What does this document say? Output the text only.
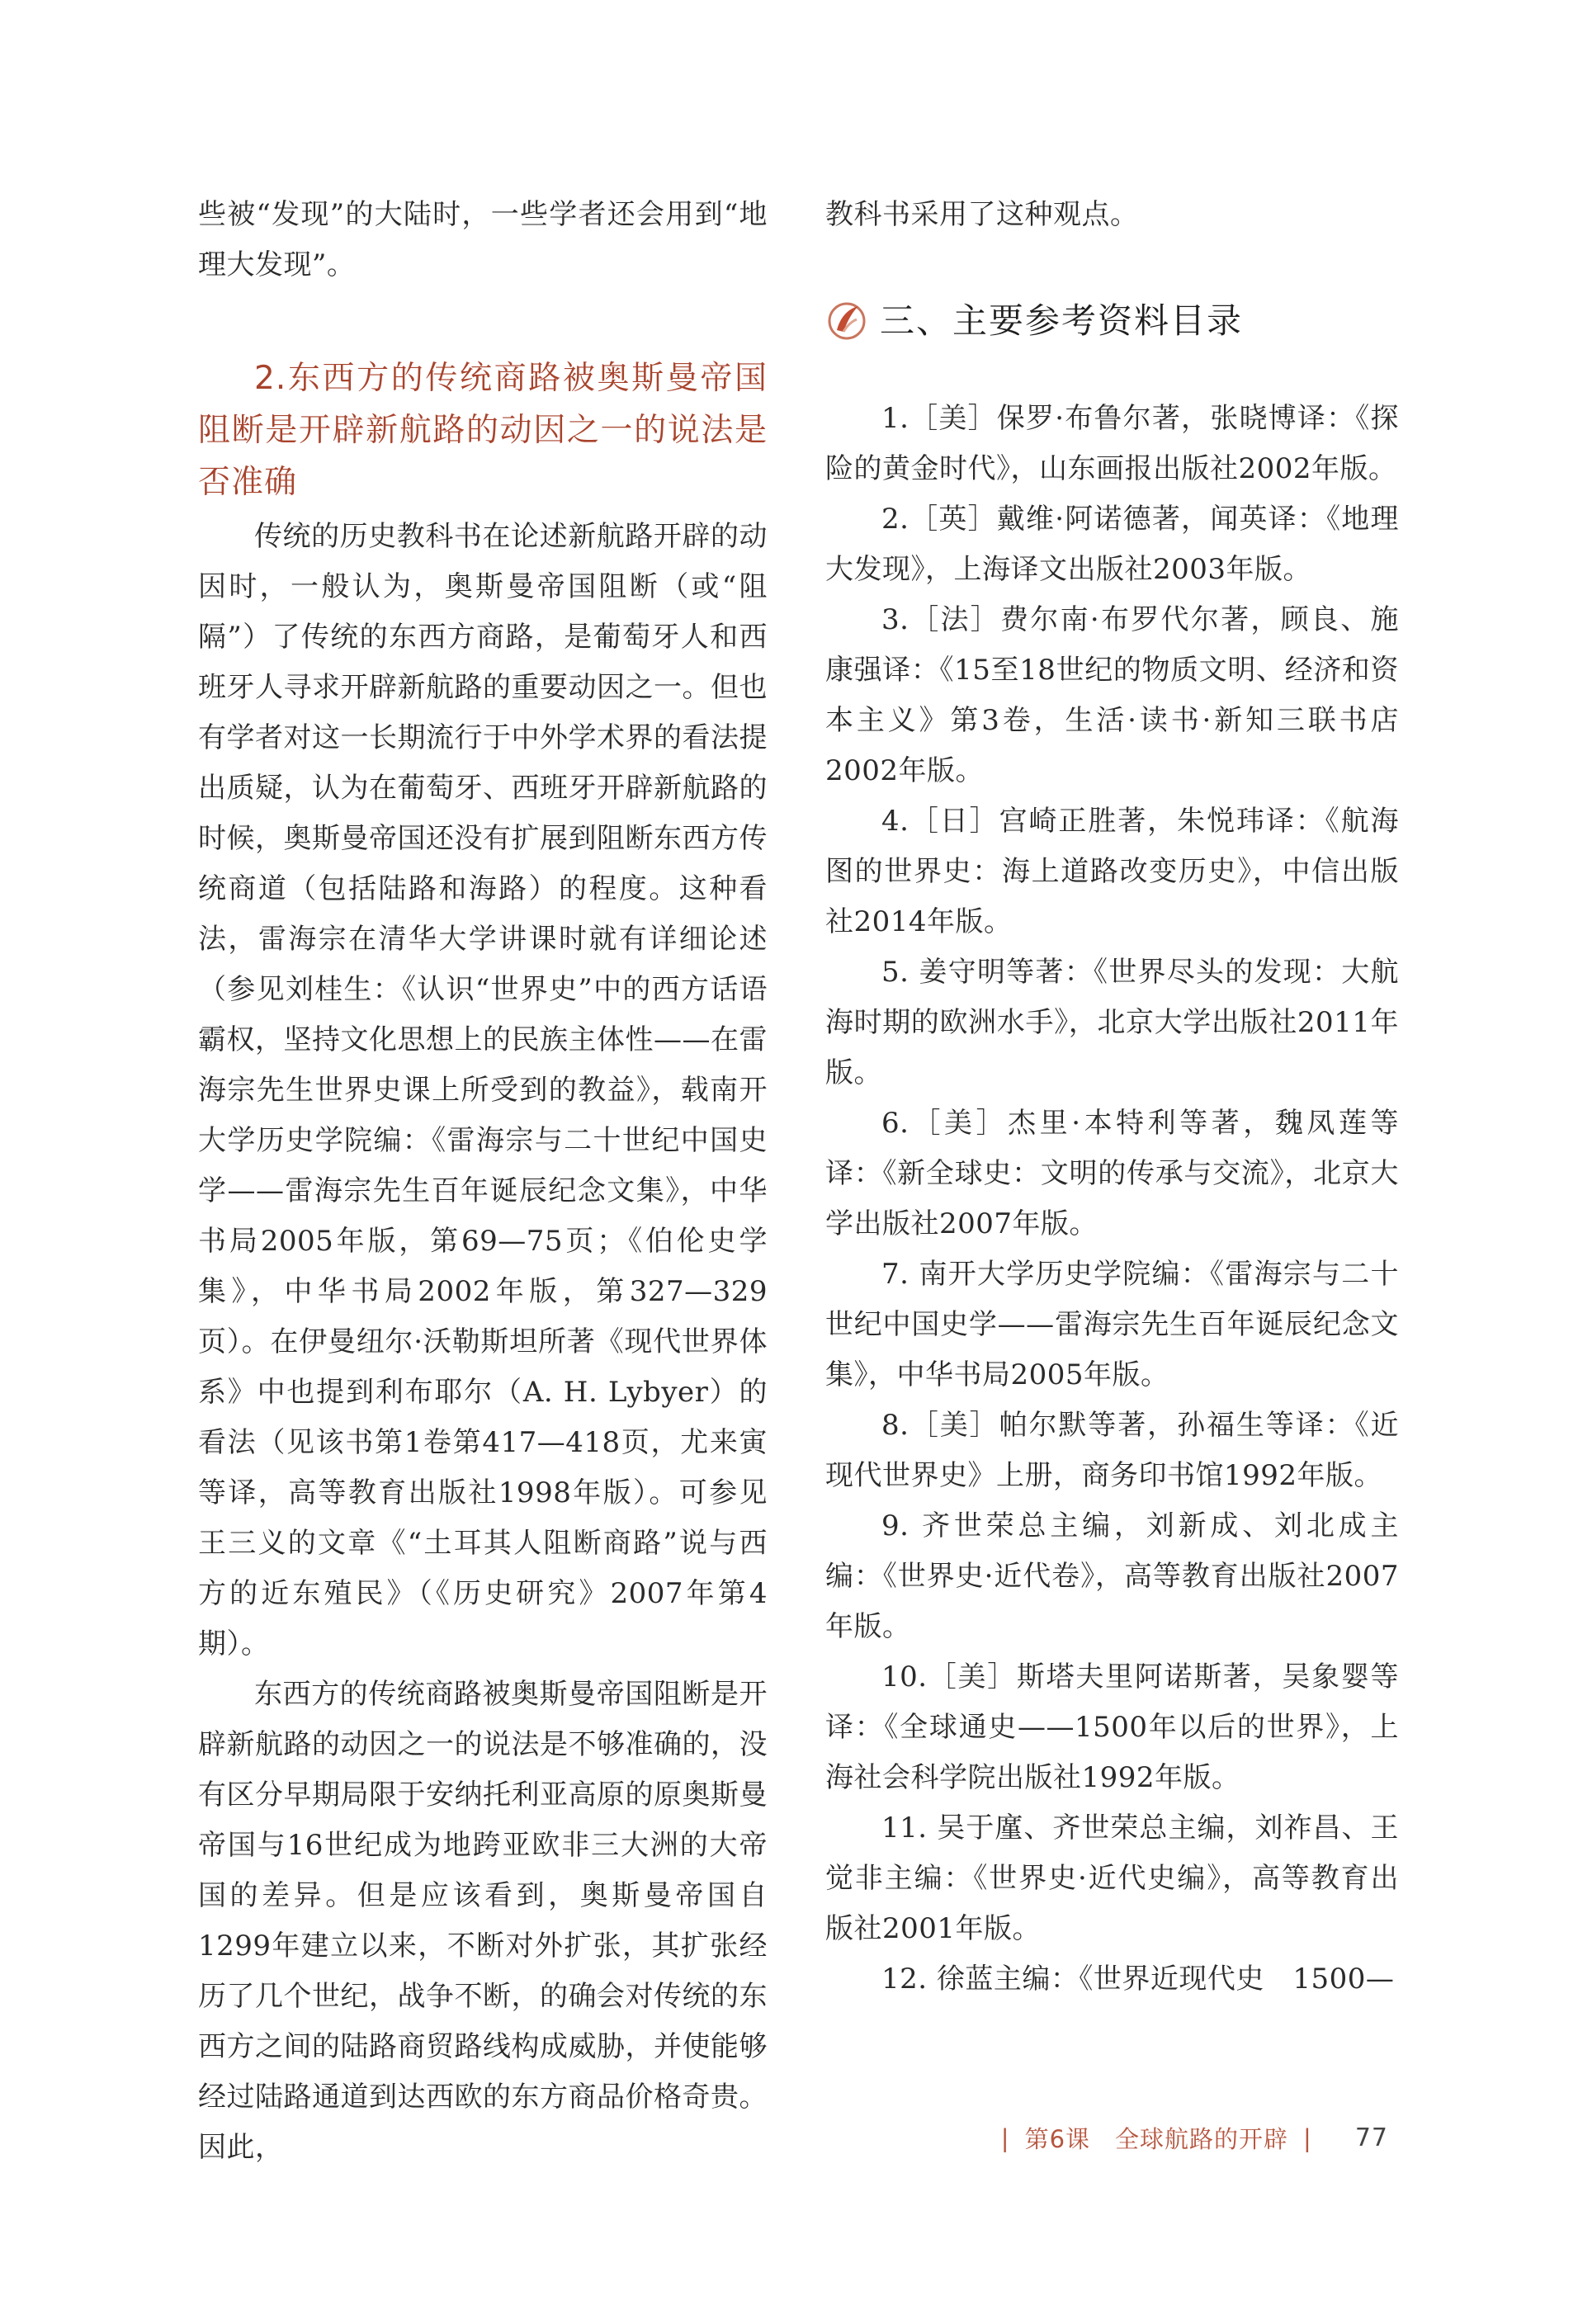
些被“发现”的大陆时，一些学者还会用到“地理大发现”。

2.东西方的传统商路被奥斯曼帝国阻断是开辟新航路的动因之一的说法是否准确

传统的历史教科书在论述新航路开辟的动因时，一般认为，奥斯曼帝国阻断（或“阻隔”）了传统的东西方商路，是葡萄牙人和西班牙人寻求开辟新航路的重要动因之一。但也有学者对这一长期流行于中外学术界的看法提出质疑，认为在葡萄牙、西班牙开辟新航路的时候，奥斯曼帝国还没有扩展到阻断东西方传统商道（包括陆路和海路）的程度。这种看法，雷海宗在清华大学讲课时就有详细论述（参见刘桂生：《认识“世界史”中的西方话语霸权，坚持文化思想上的民族主体性——在雷海宗先生世界史课上所受到的教益》，载南开大学历史学院编：《雷海宗与二十世纪中国史学——雷海宗先生百年诞辰纪念文集》，中华书局2005年版，第69—75页；《伯伦史学集》，中华书局2002年版，第327—329页）。在伊曼纽尔·沃勒斯坦所著《现代世界体系》中也提到利布耶尔（A. H. Lybyer）的看法（见该书第1卷第417—418页，尤来寅等译，高等教育出版社1998年版）。可参见王三义的文章《“土耳其人阻断商路”说与西方的近东殖民》（《历史研究》2007年第4期）。

东西方的传统商路被奥斯曼帝国阻断是开辟新航路的动因之一的说法是不够准确的，没有区分早期局限于安纳托利亚高原的原奥斯曼帝国与16世纪成为地跨亚欧非三大洲的大帝国的差异。但是应该看到，奥斯曼帝国自1299年建立以来，不断对外扩张，其扩张经历了几个世纪，战争不断，的确会对传统的东西方之间的陆路商贸路线构成威胁，并使能够经过陆路通道到达西欧的东方商品价格奇贵。因此，

教科书采用了这种观点。

三、主要参考资料目录

1.［美］保罗·布鲁尔著，张晓博译：《探险的黄金时代》，山东画报出版社2002年版。

2.［英］戴维·阿诺德著，闻英译：《地理大发现》，上海译文出版社2003年版。

3.［法］费尔南·布罗代尔著，顾良、施康强译：《15至18世纪的物质文明、经济和资本主义》第3卷，生活·读书·新知三联书店2002年版。

4.［日］宫崎正胜著，朱悦玮译：《航海图的世界史：海上道路改变历史》，中信出版社2014年版。

5. 姜守明等著：《世界尽头的发现：大航海时期的欧洲水手》，北京大学出版社2011年版。

6.［美］杰里·本特利等著，魏凤莲等译：《新全球史：文明的传承与交流》，北京大学出版社2007年版。

7. 南开大学历史学院编：《雷海宗与二十世纪中国史学——雷海宗先生百年诞辰纪念文集》，中华书局2005年版。

8.［美］帕尔默等著，孙福生等译：《近现代世界史》上册，商务印书馆1992年版。

9. 齐世荣总主编，刘新成、刘北成主编：《世界史·近代卷》，高等教育出版社2007年版。

10.［美］斯塔夫里阿诺斯著，吴象婴等译：《全球通史——1500年以后的世界》，上海社会科学院出版社1992年版。

11. 吴于廑、齐世荣总主编，刘祚昌、王觉非主编：《世界史·近代史编》，高等教育出版社2001年版。

12. 徐蓝主编：《世界近现代史　1500—

| 第6课 全球航路的开辟 | 77
